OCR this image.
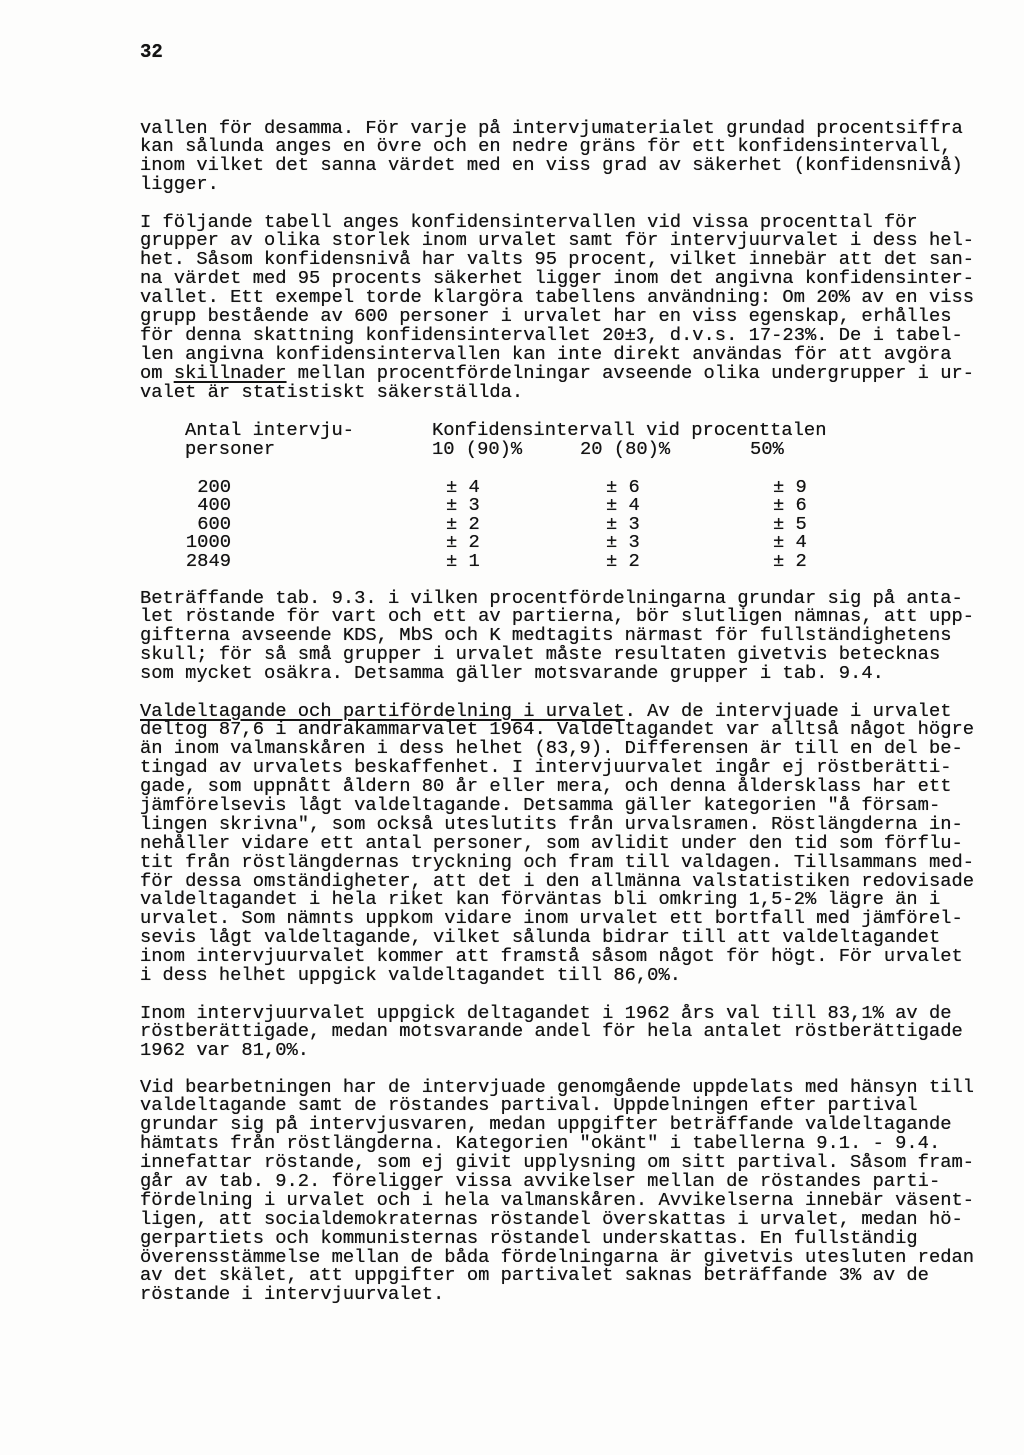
32
vallen för desamma. För varje på intervjumaterialet grundad procentsiffra
kan sålunda anges en övre och en nedre gräns för ett konfidensintervall,
inom vilket det sanna värdet med en viss grad av säkerhet (konfidensnivå)
ligger.
I följande tabell anges konfidensintervallen vid vissa procenttal för
grupper av olika storlek inom urvalet samt för intervjuurvalet i dess hel-
het. Såsom konfidensnivå har valts 95 procent, vilket innebär att det san-
na värdet med 95 procents säkerhet ligger inom det angivna konfidensinter-
vallet. Ett exempel torde klargöra tabellens användning: Om 20% av en viss
grupp bestående av 600 personer i urvalet har en viss egenskap, erhålles
för denna skattning konfidensintervallet 20±3, d.v.s. 17-23%. De i tabel-
len angivna konfidensintervallen kan inte direkt användas för att avgöra
om skillnader mellan procentfördelningar avseende olika undergrupper i ur-
valet är statistiskt säkerställda.
Antal intervju-
personer
Konfidensintervall vid procenttalen
10 (90)%	20 (80)%	50%
200	± 4	± 6	± 9
400	± 3	± 4	± 6
600	± 2	± 3	± 5
1000	± 2	± 3	± 4
2849	± 1	± 2	± 2
Beträffande tab. 9.3. i vilken procentfördelningarna grundar sig på anta-
let röstande för vart och ett av partierna, bör slutligen nämnas, att upp-
gifterna avseende KDS, MbS och K medtagits närmast för fullständighetens
skull; för så små grupper i urvalet måste resultaten givetvis betecknas
som mycket osäkra. Detsamma gäller motsvarande grupper i tab. 9.4.
Valdeltagande och partifördelning i urvalet. Av de intervjuade i urvalet
deltog 87,6 i andrakammarvalet 1964. Valdeltagandet var alltså något högre
än inom valmanskåren i dess helhet (83,9). Differensen är till en del be-
tingad av urvalets beskaffenhet. I intervjuurvalet ingår ej röstberätti-
gade, som uppnått åldern 80 år eller mera, och denna åldersklass har ett
jämförelsevis lågt valdeltagande. Detsamma gäller kategorien "å försam-
lingen skrivna", som också uteslutits från urvalsramen. Röstlängderna in-
nehåller vidare ett antal personer, som avlidit under den tid som förflu-
tit från röstlängdernas tryckning och fram till valdagen. Tillsammans med-
för dessa omständigheter, att det i den allmänna valstatistiken redovisade
valdeltagandet i hela riket kan förväntas bli omkring 1,5-2% lägre än i
urvalet. Som nämnts uppkom vidare inom urvalet ett bortfall med jämförel-
sevis lågt valdeltagande, vilket sålunda bidrar till att valdeltagandet
inom intervjuurvalet kommer att framstå såsom något för högt. För urvalet
i dess helhet uppgick valdeltagandet till 86,0%.
Inom intervjuurvalet uppgick deltagandet i 1962 års val till 83,1% av de
röstberättigade, medan motsvarande andel för hela antalet röstberättigade
1962 var 81,0%.
Vid bearbetningen har de intervjuade genomgående uppdelats med hänsyn till
valdeltagande samt de röstandes partival. Uppdelningen efter partival
grundar sig på intervjusvaren, medan uppgifter beträffande valdeltagande
hämtats från röstlängderna. Kategorien "okänt" i tabellerna 9.1. - 9.4.
innefattar röstande, som ej givit upplysning om sitt partival. Såsom fram-
går av tab. 9.2. föreligger vissa avvikelser mellan de röstandes parti-
fördelning i urvalet och i hela valmanskåren. Avvikelserna innebär väsent-
ligen, att socialdemokraternas röstandel överskattas i urvalet, medan hö-
gerpartiets och kommunisternas röstandel underskattas. En fullständig
överensstämmelse mellan de båda fördelningarna är givetvis utesluten redan
av det skälet, att uppgifter om partivalet saknas beträffande 3% av de
röstande i intervjuurvalet.
